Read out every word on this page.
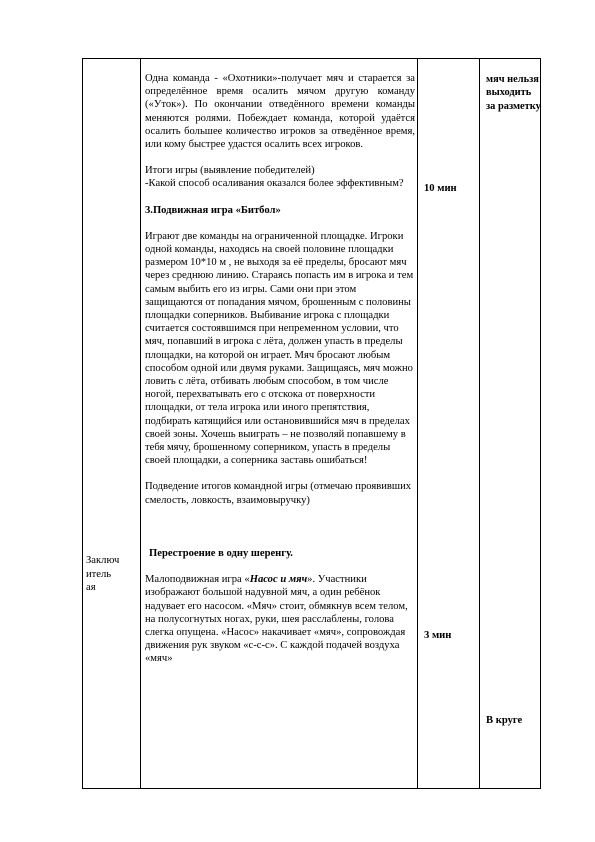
Заключ
итель
ая

Одна команда - «Охотники»-получает мяч и старается за определённое время осалить мячом другую команду («Уток»). По окончании отведённого времени команды меняются ролями. Побеждает команда, которой удаётся осалить большее количество игроков за отведённое время, или кому быстрее удастся осалить всех игроков.

Итоги игры (выявление победителей)

-Какой способ осаливания оказался более эффективным?

3.Подвижная игра «Битбол»

Играют две команды на ограниченной площадке. Игроки одной команды, находясь на своей половине площадки размером 10*10 м , не выходя за её пределы, бросают мяч через среднюю линию. Стараясь попасть им в игрока и тем самым выбить его из игры. Сами они при этом защищаются от попадания мячом, брошенным с половины площадки соперников. Выбивание игрока с площадки считается состоявшимся при непременном условии, что мяч, попавший в игрока с лёта, должен упасть в пределы площадки, на которой он играет. Мяч бросают любым способом одной или двумя руками. Защищаясь, мяч можно ловить с лёта, отбивать любым способом, в том числе ногой, перехватывать его с отскока от поверхности площадки, от тела игрока или иного препятствия, подбирать катящийся или остановившийся мяч в пределах своей зоны. Хочешь выиграть – не позволяй попавшему в тебя мячу, брошенному соперником, упасть в пределы своей площадки, а соперника заставь ошибаться!

Подведение итогов командной игры (отмечаю проявивших смелость, ловкость, взаимовыручку)

Перестроение в одну шеренгу.

Малоподвижная игра «Насос и мяч». Участники изображают большой надувной мяч, а один ребёнок надувает его насосом. «Мяч» стоит, обмякнув всем телом, на полусогнутых ногах, руки, шея расслаблены, голова слегка опущена. «Насос» накачивает «мяч», сопровождая движения рук звуком «с-с-с». С каждой подачей воздуха «мяч»

10 мин
3 мин
мяч нельзя выходить за разметку
В круге
